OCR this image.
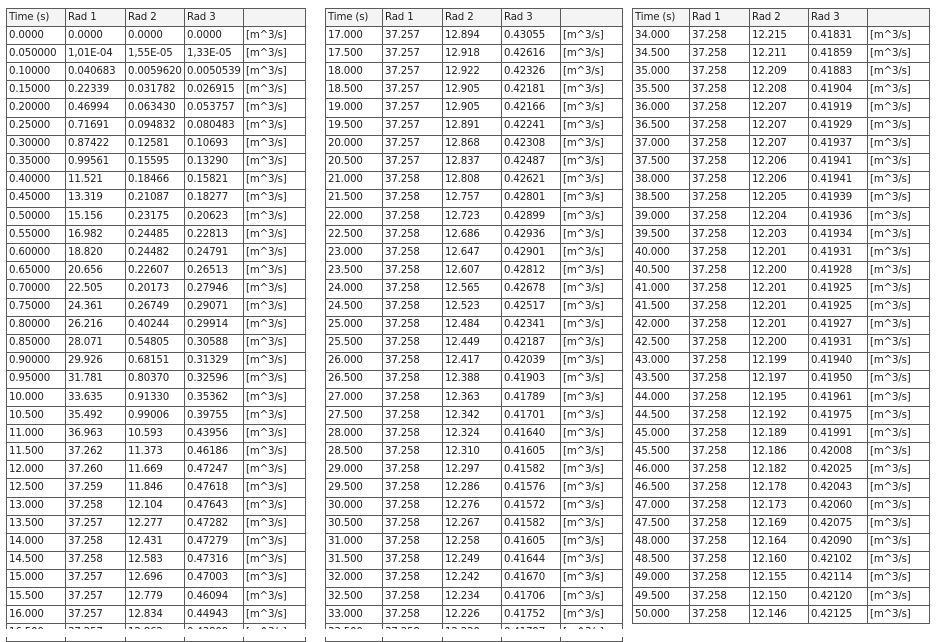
Time (s)	Rad 1	Rad 2	Rad 3	
0.0000	0.0000	0.0000	0.0000	[m^3/s]
0.050000	1,01E-04	1,55E-05	1,33E-05	[m^3/s]
0.10000	0.040683	0.0059620	0.0050539	[m^3/s]
0.15000	0.22339	0.031782	0.026915	[m^3/s]
0.20000	0.46994	0.063430	0.053757	[m^3/s]
0.25000	0.71691	0.094832	0.080483	[m^3/s]
0.30000	0.87422	0.12581	0.10693	[m^3/s]
0.35000	0.99561	0.15595	0.13290	[m^3/s]
0.40000	11.521	0.18466	0.15821	[m^3/s]
0.45000	13.319	0.21087	0.18277	[m^3/s]
0.50000	15.156	0.23175	0.20623	[m^3/s]
0.55000	16.982	0.24485	0.22813	[m^3/s]
0.60000	18.820	0.24482	0.24791	[m^3/s]
0.65000	20.656	0.22607	0.26513	[m^3/s]
0.70000	22.505	0.20173	0.27946	[m^3/s]
0.75000	24.361	0.26749	0.29071	[m^3/s]
0.80000	26.216	0.40244	0.29914	[m^3/s]
0.85000	28.071	0.54805	0.30588	[m^3/s]
0.90000	29.926	0.68151	0.31329	[m^3/s]
0.95000	31.781	0.80370	0.32596	[m^3/s]
10.000	33.635	0.91330	0.35362	[m^3/s]
10.500	35.492	0.99006	0.39755	[m^3/s]
11.000	36.963	10.593	0.43956	[m^3/s]
11.500	37.262	11.373	0.46186	[m^3/s]
12.000	37.260	11.669	0.47247	[m^3/s]
12.500	37.259	11.846	0.47618	[m^3/s]
13.000	37.258	12.104	0.47643	[m^3/s]
13.500	37.257	12.277	0.47282	[m^3/s]
14.000	37.258	12.431	0.47279	[m^3/s]
14.500	37.258	12.583	0.47316	[m^3/s]
15.000	37.257	12.696	0.47003	[m^3/s]
15.500	37.257	12.779	0.46094	[m^3/s]
16.000	37.257	12.834	0.44943	[m^3/s]

Time (s)	Rad 1	Rad 2	Rad 3	
17.000	37.257	12.894	0.43055	[m^3/s]
17.500	37.257	12.918	0.42616	[m^3/s]
18.000	37.257	12.922	0.42326	[m^3/s]
18.500	37.257	12.905	0.42181	[m^3/s]
19.000	37.257	12.905	0.42166	[m^3/s]
19.500	37.257	12.891	0.42241	[m^3/s]
20.000	37.257	12.868	0.42308	[m^3/s]
20.500	37.257	12.837	0.42487	[m^3/s]
21.000	37.258	12.808	0.42621	[m^3/s]
21.500	37.258	12.757	0.42801	[m^3/s]
22.000	37.258	12.723	0.42899	[m^3/s]
22.500	37.258	12.686	0.42936	[m^3/s]
23.000	37.258	12.647	0.42901	[m^3/s]
23.500	37.258	12.607	0.42812	[m^3/s]
24.000	37.258	12.565	0.42678	[m^3/s]
24.500	37.258	12.523	0.42517	[m^3/s]
25.000	37.258	12.484	0.42341	[m^3/s]
25.500	37.258	12.449	0.42187	[m^3/s]
26.000	37.258	12.417	0.42039	[m^3/s]
26.500	37.258	12.388	0.41903	[m^3/s]
27.000	37.258	12.363	0.41789	[m^3/s]
27.500	37.258	12.342	0.41701	[m^3/s]
28.000	37.258	12.324	0.41640	[m^3/s]
28.500	37.258	12.310	0.41605	[m^3/s]
29.000	37.258	12.297	0.41582	[m^3/s]
29.500	37.258	12.286	0.41576	[m^3/s]
30.000	37.258	12.276	0.41572	[m^3/s]
30.500	37.258	12.267	0.41582	[m^3/s]
31.000	37.258	12.258	0.41605	[m^3/s]
31.500	37.258	12.249	0.41644	[m^3/s]
32.000	37.258	12.242	0.41670	[m^3/s]
32.500	37.258	12.234	0.41706	[m^3/s]
33.000	37.258	12.226	0.41752	[m^3/s]

Time (s)	Rad 1	Rad 2	Rad 3	
34.000	37.258	12.215	0.41831	[m^3/s]
34.500	37.258	12.211	0.41859	[m^3/s]
35.000	37.258	12.209	0.41883	[m^3/s]
35.500	37.258	12.208	0.41904	[m^3/s]
36.000	37.258	12.207	0.41919	[m^3/s]
36.500	37.258	12.207	0.41929	[m^3/s]
37.000	37.258	12.207	0.41937	[m^3/s]
37.500	37.258	12.206	0.41941	[m^3/s]
38.000	37.258	12.206	0.41941	[m^3/s]
38.500	37.258	12.205	0.41939	[m^3/s]
39.000	37.258	12.204	0.41936	[m^3/s]
39.500	37.258	12.203	0.41934	[m^3/s]
40.000	37.258	12.201	0.41931	[m^3/s]
40.500	37.258	12.200	0.41928	[m^3/s]
41.000	37.258	12.201	0.41925	[m^3/s]
41.500	37.258	12.201	0.41925	[m^3/s]
42.000	37.258	12.201	0.41927	[m^3/s]
42.500	37.258	12.200	0.41931	[m^3/s]
43.000	37.258	12.199	0.41940	[m^3/s]
43.500	37.258	12.197	0.41950	[m^3/s]
44.000	37.258	12.195	0.41961	[m^3/s]
44.500	37.258	12.192	0.41975	[m^3/s]
45.000	37.258	12.189	0.41991	[m^3/s]
45.500	37.258	12.186	0.42008	[m^3/s]
46.000	37.258	12.182	0.42025	[m^3/s]
46.500	37.258	12.178	0.42043	[m^3/s]
47.000	37.258	12.173	0.42060	[m^3/s]
47.500	37.258	12.169	0.42075	[m^3/s]
48.000	37.258	12.164	0.42090	[m^3/s]
48.500	37.258	12.160	0.42102	[m^3/s]
49.000	37.258	12.155	0.42114	[m^3/s]
49.500	37.258	12.150	0.42120	[m^3/s]
50.000	37.258	12.146	0.42125	[m^3/s]
